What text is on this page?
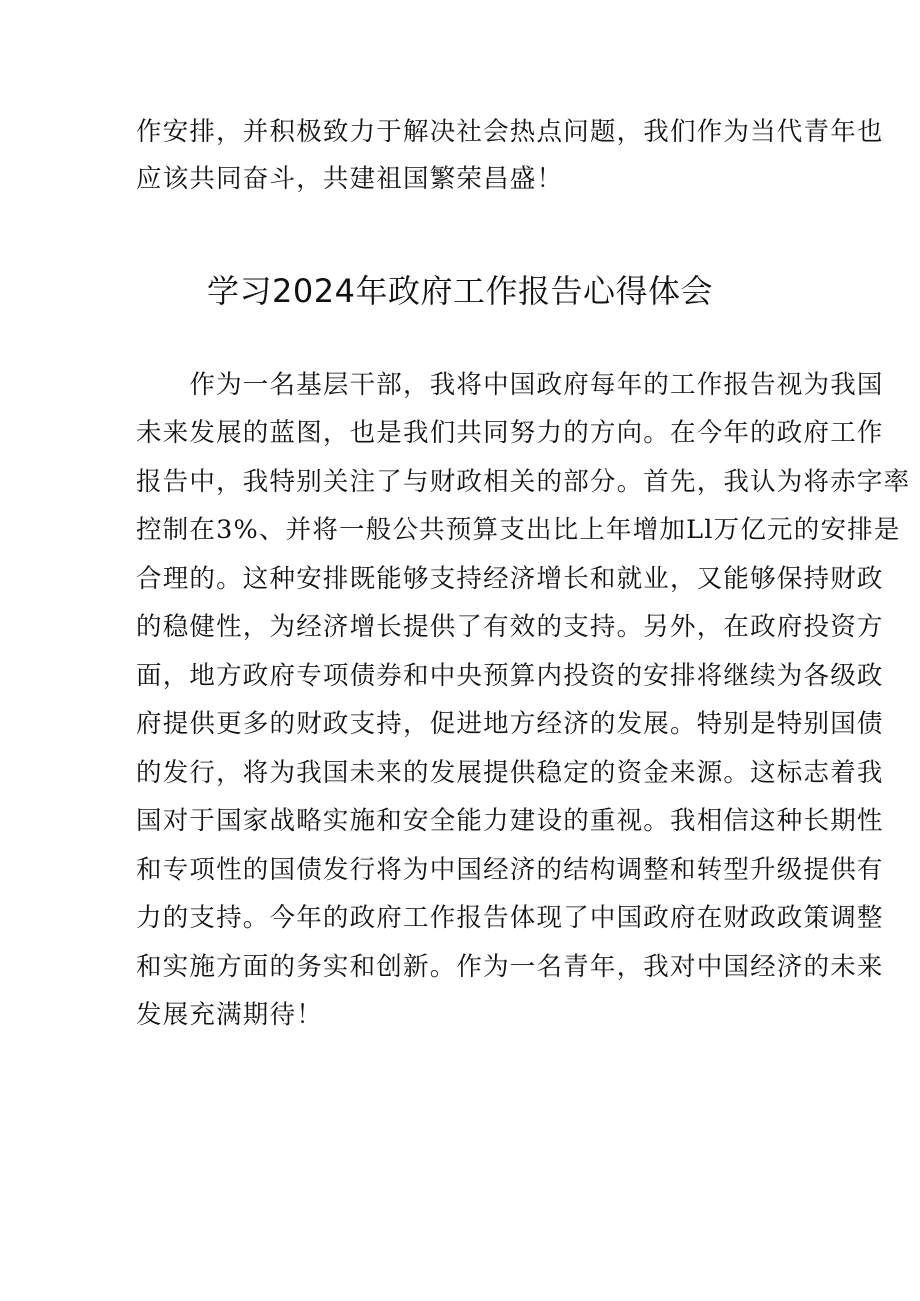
作安排，并积极致力于解决社会热点问题，我们作为当代青年也
应该共同奋斗，共建祖国繁荣昌盛！
学习2024年政府工作报告心得体会
　　作为一名基层干部，我将中国政府每年的工作报告视为我国
未来发展的蓝图，也是我们共同努力的方向。在今年的政府工作
报告中，我特别关注了与财政相关的部分。首先，我认为将赤字率
控制在3%、并将一般公共预算支出比上年增加Ll万亿元的安排是
合理的。这种安排既能够支持经济增长和就业，又能够保持财政
的稳健性，为经济增长提供了有效的支持。另外，在政府投资方
面，地方政府专项债券和中央预算内投资的安排将继续为各级政
府提供更多的财政支持，促进地方经济的发展。特别是特别国债
的发行，将为我国未来的发展提供稳定的资金来源。这标志着我
国对于国家战略实施和安全能力建设的重视。我相信这种长期性
和专项性的国债发行将为中国经济的结构调整和转型升级提供有
力的支持。今年的政府工作报告体现了中国政府在财政政策调整
和实施方面的务实和创新。作为一名青年，我对中国经济的未来
发展充满期待！
